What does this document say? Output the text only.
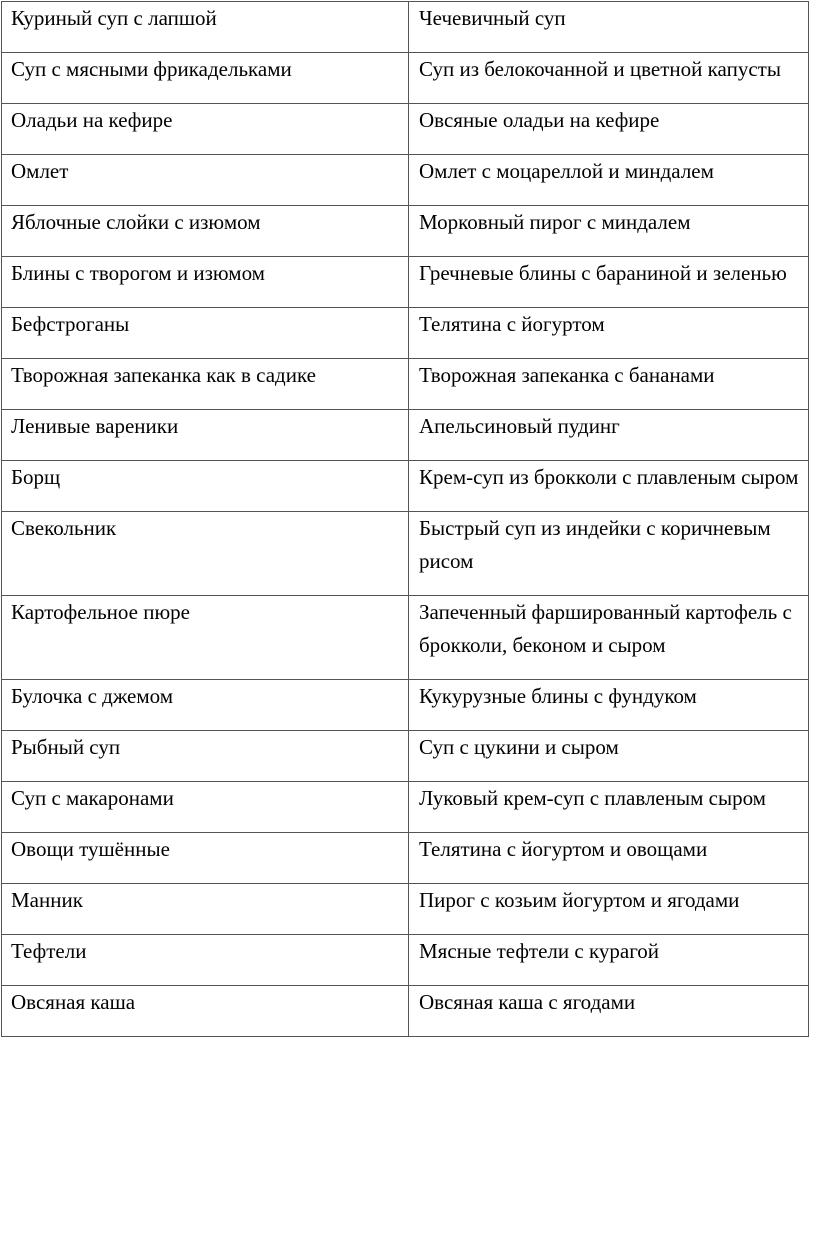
Куриный суп с лапшой	Чечевичный суп
Суп с мясными фрикадельками	Суп из белокочанной и цветной капусты
Оладьи на кефире	Овсяные оладьи на кефире
Омлет	Омлет с моцареллой и миндалем
Яблочные слойки с изюмом	Морковный пирог с миндалем
Блины с творогом и изюмом	Гречневые блины с бараниной и зеленью
Бефстроганы	Телятина с йогуртом
Творожная запеканка как в садике	Творожная запеканка с бананами
Ленивые вареники	Апельсиновый пудинг
Борщ	Крем-суп из брокколи с плавленым сыром
Свекольник	Быстрый суп из индейки с коричневым рисом
Картофельное пюре	Запеченный фаршированный картофель с брокколи, беконом и сыром
Булочка с джемом	Кукурузные блины с фундуком
Рыбный суп	Суп с цукини и сыром
Суп с макаронами	Луковый крем-суп с плавленым сыром
Овощи тушённые	Телятина с йогуртом и овощами
Манник	Пирог с козьим йогуртом и ягодами
Тефтели	Мясные тефтели с курагой
Овсяная каша	Овсяная каша с ягодами
